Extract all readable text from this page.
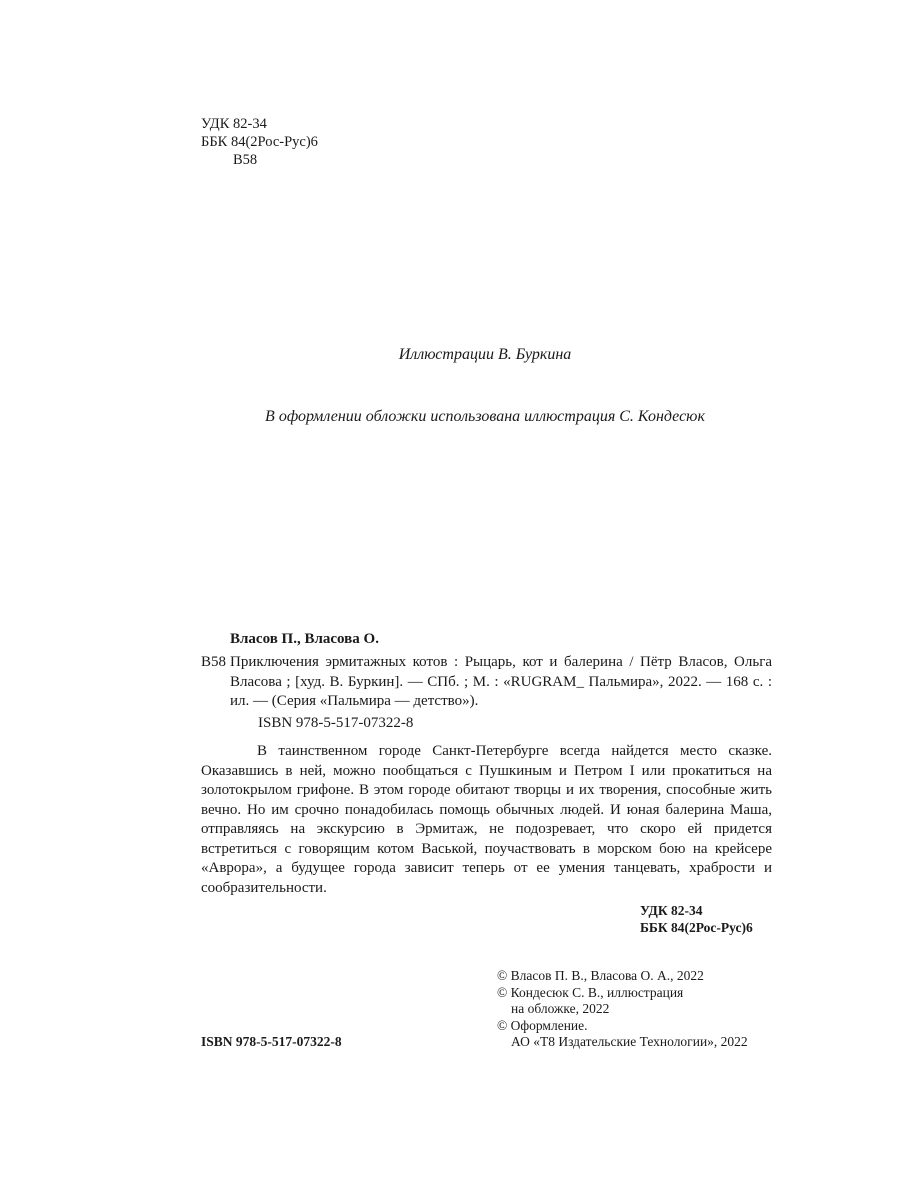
УДК 82-34
ББК 84(2Рос-Рус)6
В58
Иллюстрации В. Буркина
В оформлении обложки использована иллюстрация С. Кондесюк
Власов П., Власова О.
В58 Приключения эрмитажных котов : Рыцарь, кот и балерина / Пётр Власов, Ольга Власова ; [худ. В. Буркин]. — СПб. ; М. : «RUGRAM_ Пальмира», 2022. — 168 с. : ил. — (Серия «Пальмира — детство»).
ISBN 978-5-517-07322-8
В таинственном городе Санкт-Петербурге всегда найдется место сказке. Оказавшись в ней, можно пообщаться с Пушкиным и Петром I или прокатиться на золотокрылом грифоне. В этом городе обитают творцы и их творения, способные жить вечно. Но им срочно понадобилась помощь обычных людей. И юная балерина Маша, отправляясь на экскурсию в Эрмитаж, не подозревает, что скоро ей придется встретиться с говорящим котом Васькой, поучаствовать в морском бою на крейсере «Аврора», а будущее города зависит теперь от ее умения танцевать, храбрости и сообразительности.
УДК 82-34
ББК 84(2Рос-Рус)6
© Власов П. В., Власова О. А., 2022
© Кондесюк С. В., иллюстрация
на обложке, 2022
© Оформление.
ISBN 978-5-517-07322-8	АО «Т8 Издательские Технологии», 2022
